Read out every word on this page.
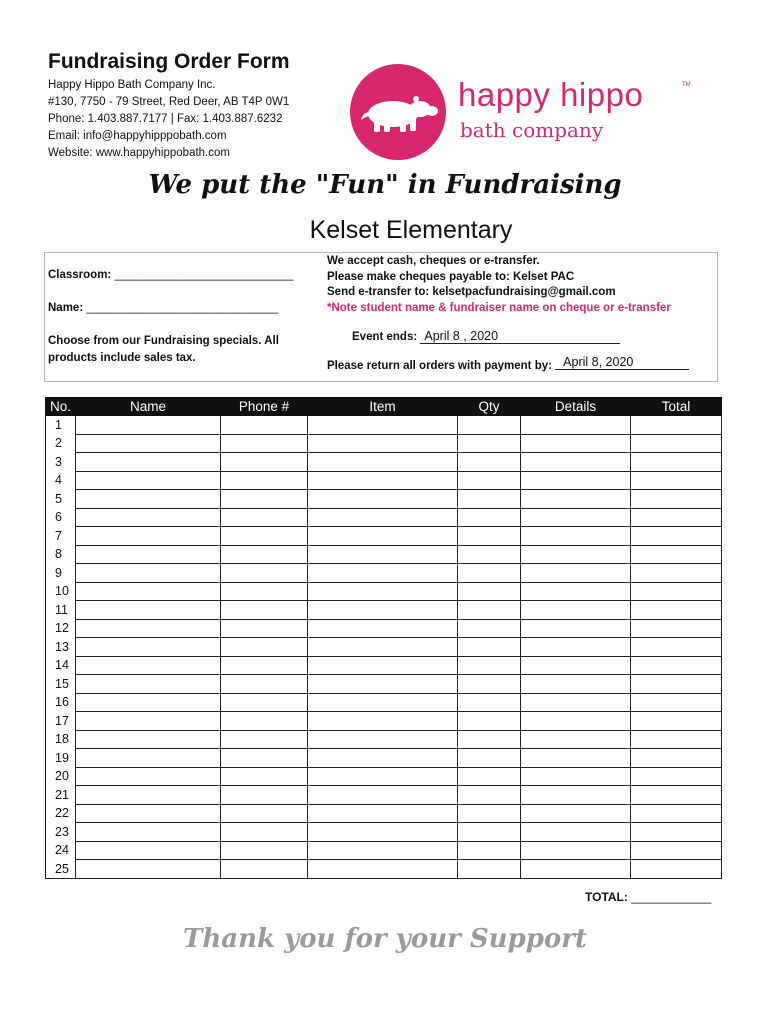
Fundraising Order Form
Happy Hippo Bath Company Inc.
#130, 7750 - 79 Street, Red Deer, AB T4P 0W1
Phone: 1.403.887.7177 | Fax: 1.403.887.6232
Email: info@happyhipppobath.com
Website: www.happyhippobath.com
happy hippo	TM
bath company
We put the "Fun" in Fundraising
Kelset Elementary
Classroom: ____________________________
Name: ______________________________
Choose from our Fundraising specials. All products include sales tax.
We accept cash, cheques or e-transfer.
Please make cheques payable to: Kelset PAC
Send e-transfer to: kelsetpacfundraising@gmail.com
*Note student name & fundraiser name on cheque or e-transfer
Event ends: April 8 , 2020
Please return all orders with payment by: April 8, 2020
No.	Name	Phone #	Item	Qty	Details	Total
1						
2						
3						
4						
5						
6						
7						
8						
9						
10						
11						
12						
13						
14						
15						
16						
17						
18						
19						
20						
21						
22						
23						
24						
25						
TOTAL: ____________
Thank you for your Support
